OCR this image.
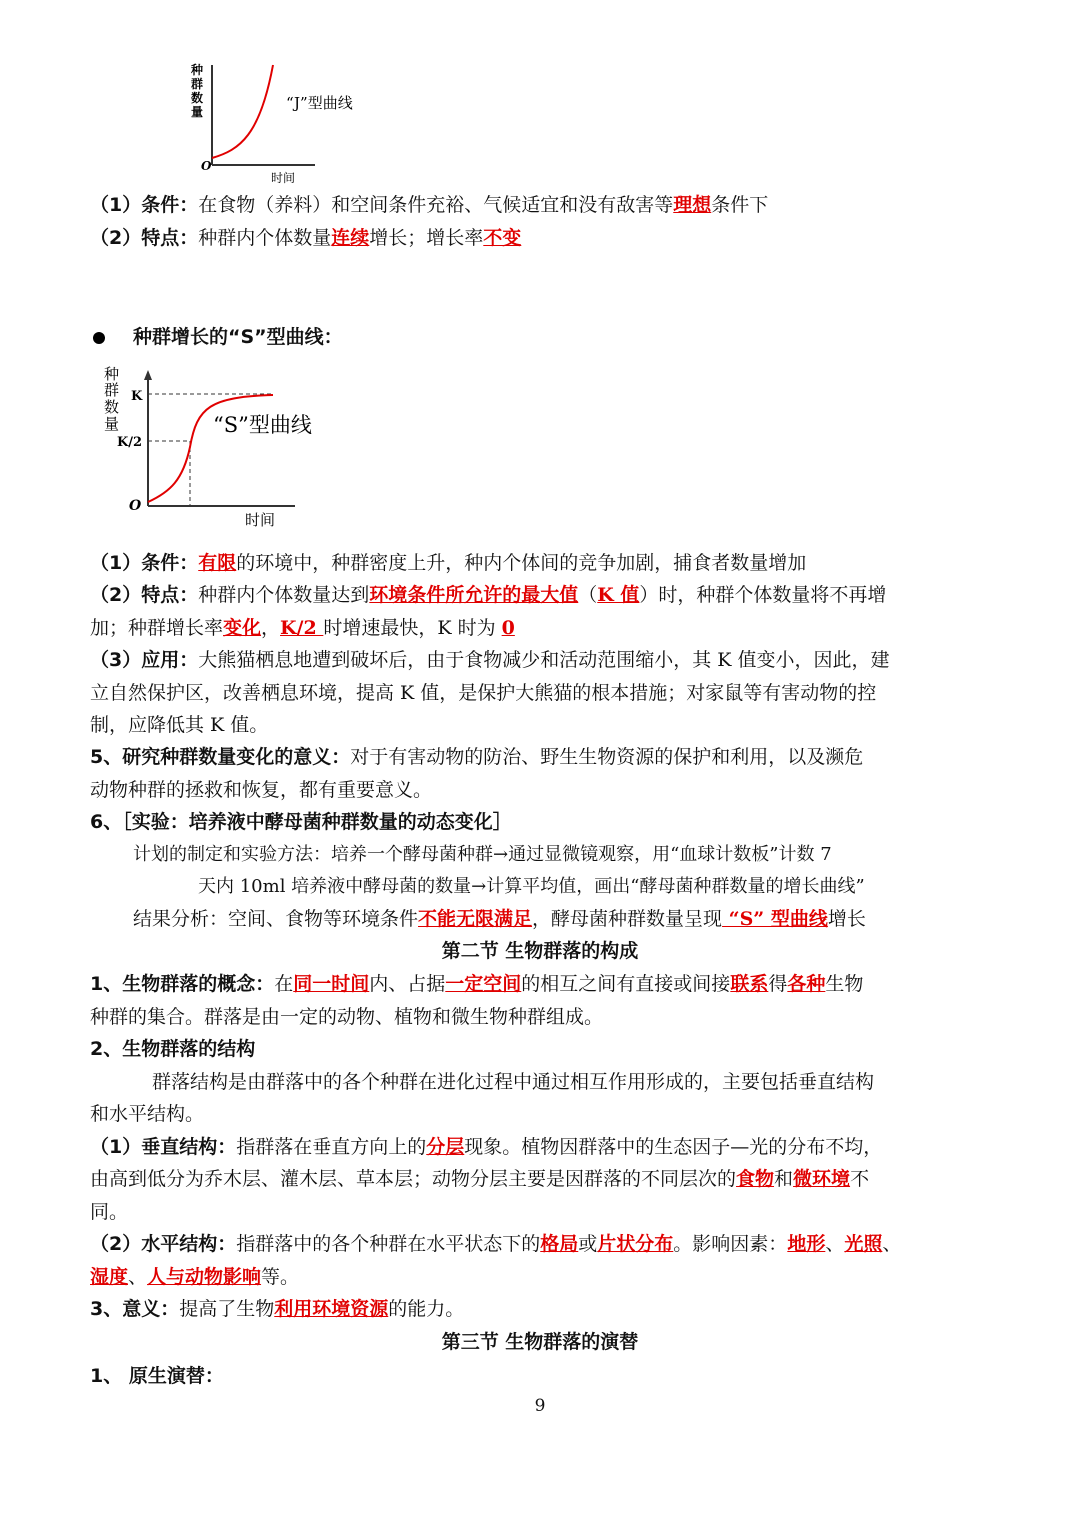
种
群
数
量
O
时间
“J”型曲线
（1）条件：在食物（养料）和空间条件充裕、气候适宜和没有敌害等理想条件下
（2）特点：种群内个体数量连续增长；增长率不变
种群增长的“S”型曲线：
种
群
数
量
K
K/2
O
时间
“S”型曲线
（1）条件：有限的环境中，种群密度上升，种内个体间的竞争加剧，捕食者数量增加
（2）特点：种群内个体数量达到环境条件所允许的最大值（K 值）时，种群个体数量将不再增
加；种群增长率变化，K/2 时增速最快，K 时为 0
（3）应用：大熊猫栖息地遭到破坏后，由于食物减少和活动范围缩小，其 K 值变小，因此，建
立自然保护区，改善栖息环境，提高 K 值，是保护大熊猫的根本措施；对家鼠等有害动物的控
制，应降低其 K 值。
5、研究种群数量变化的意义：对于有害动物的防治、野生生物资源的保护和利用，以及濒危
动物种群的拯救和恢复，都有重要意义。
6、［实验：培养液中酵母菌种群数量的动态变化］
计划的制定和实验方法：培养一个酵母菌种群→通过显微镜观察，用“血球计数板”计数 7
天内 10ml 培养液中酵母菌的数量→计算平均值，画出“酵母菌种群数量的增长曲线”
结果分析：空间、食物等环境条件不能无限满足，酵母菌种群数量呈现 “S” 型曲线增长
第二节 生物群落的构成
1、生物群落的概念：在同一时间内、占据一定空间的相互之间有直接或间接联系得各种生物
种群的集合。群落是由一定的动物、植物和微生物种群组成。
2、生物群落的结构
群落结构是由群落中的各个种群在进化过程中通过相互作用形成的，主要包括垂直结构
和水平结构。
（1）垂直结构：指群落在垂直方向上的分层现象。植物因群落中的生态因子—光的分布不均，
由高到低分为乔木层、灌木层、草本层；动物分层主要是因群落的不同层次的食物和微环境不
同。
（2）水平结构：指群落中的各个种群在水平状态下的格局或片状分布。影响因素：地形、光照、
湿度、人与动物影响等。
3、意义：提高了生物利用环境资源的能力。
第三节 生物群落的演替
1、 原生演替：
9
